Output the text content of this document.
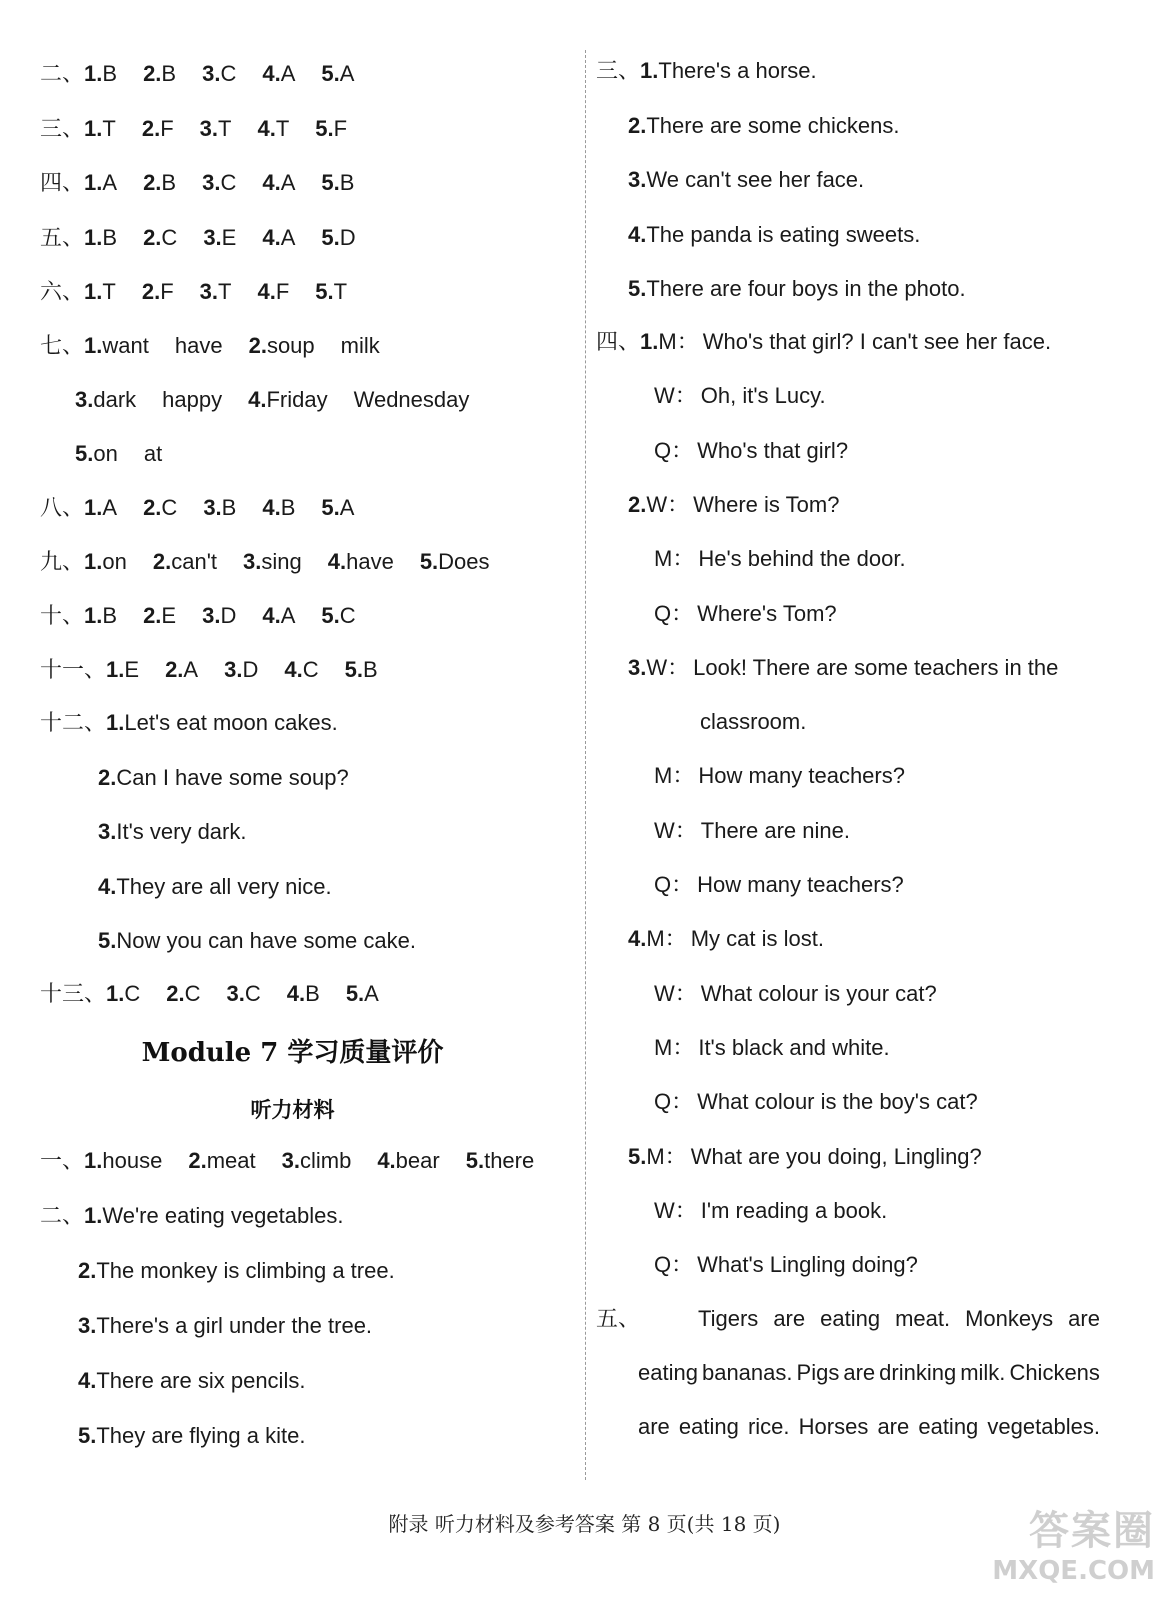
二、1.B 2.B 3.C 4.A 5.A
三、1.T 2.F 3.T 4.T 5.F
四、1.A 2.B 3.C 4.A 5.B
五、1.B 2.C 3.E 4.A 5.D
六、1.T 2.F 3.T 4.F 5.T
七、1.want have 2.soup milk
3.dark happy 4.Friday Wednesday
5.on at
八、1.A 2.C 3.B 4.B 5.A
九、1.on 2.can't 3.sing 4.have 5.Does
十、1.B 2.E 3.D 4.A 5.C
十一、1.E 2.A 3.D 4.C 5.B
十二、1.Let's eat moon cakes.
2.Can I have some soup?
3.It's very dark.
4.They are all very nice.
5.Now you can have some cake.
十三、1.C 2.C 3.C 4.B 5.A
Module 7 学习质量评价
听力材料
一、1.house 2.meat 3.climb 4.bear 5.there
二、1.We're eating vegetables.
2.The monkey is climbing a tree.
3.There's a girl under the tree.
4.There are six pencils.
5.They are flying a kite.
三、1.There's a horse.
2.There are some chickens.
3.We can't see her face.
4.The panda is eating sweets.
5.There are four boys in the photo.
四、1.M： Who's that girl? I can't see her face.
W： Oh, it's Lucy.
Q： Who's that girl?
2.W： Where is Tom?
M： He's behind the door.
Q： Where's Tom?
3.W： Look! There are some teachers in the
classroom.
M： How many teachers?
W： There are nine.
Q： How many teachers?
4.M： My cat is lost.
W： What colour is your cat?
M： It's black and white.
Q： What colour is the boy's cat?
5.M： What are you doing, Lingling?
W： I'm reading a book.
Q： What's Lingling doing?
五、	Tigers are eating meat. Monkeys are
eating bananas. Pigs are drinking milk. Chickens
are eating rice. Horses are eating vegetables.
附录 听力材料及参考答案 第 8 页(共 18 页)	答案圈
MXQE.COM
